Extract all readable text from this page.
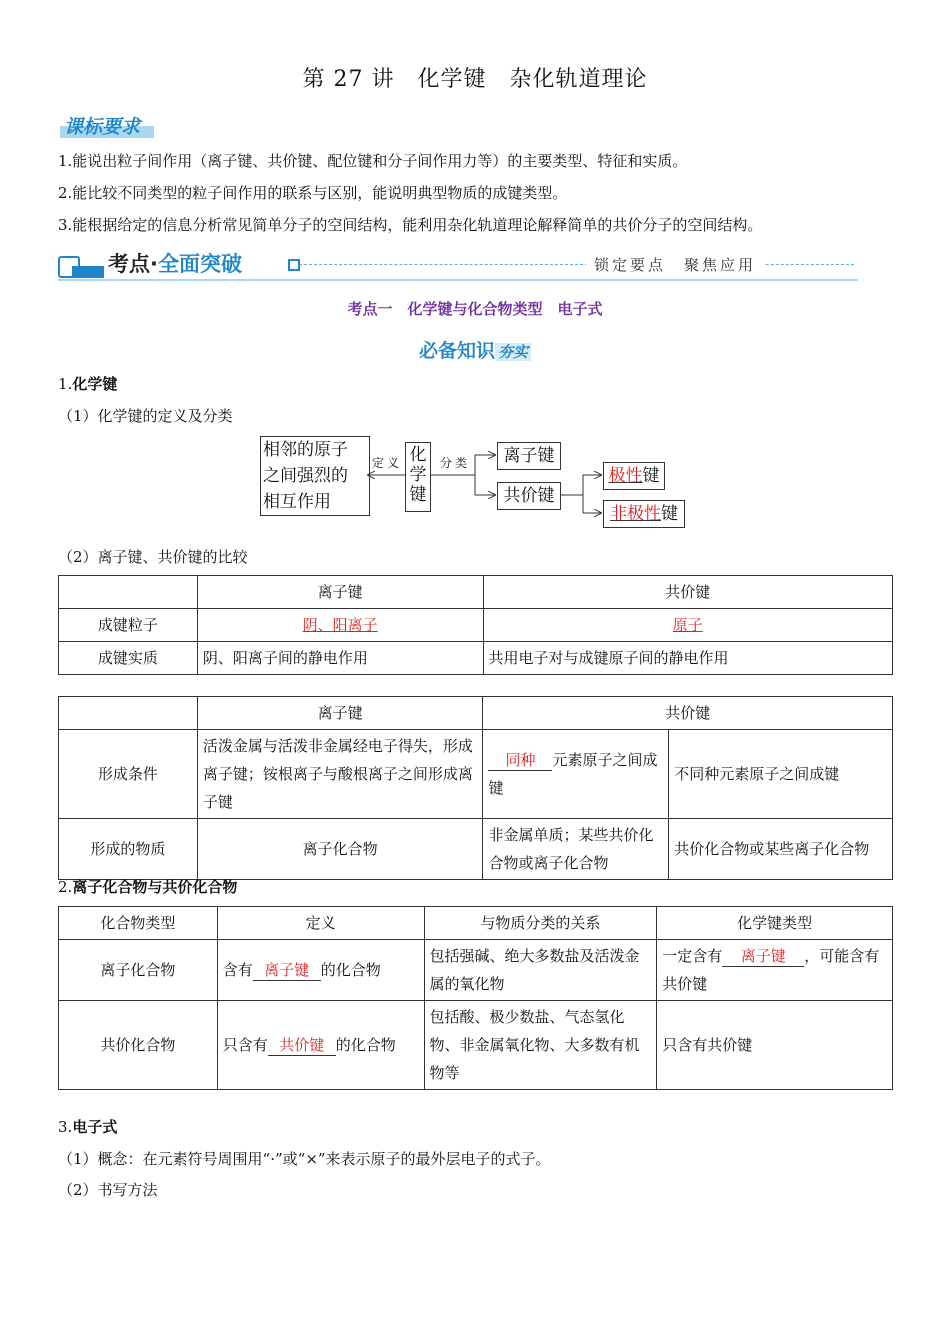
第 27 讲　化学键　杂化轨道理论
课标要求
1.能说出粒子间作用（离子键、共价键、配位键和分子间作用力等）的主要类型、特征和实质。
2.能比较不同类型的粒子间作用的联系与区别，能说明典型物质的成键类型。
3.能根据给定的信息分析常见简单分子的空间结构，能利用杂化轨道理论解释简单的共价分子的空间结构。
考点·全面突破	锁定要点　聚焦应用
考点一　化学键与化合物类型　电子式
必备知识 夯实
1.化学键
（1）化学键的定义及分类
相邻的原子
之间强烈的
相互作用
定义 化
学
键
分类	离子键
共价键
极性键
非极性键
（2）离子键、共价键的比较
	离子键	共价键
成键粒子	阴、阳离子	原子
成键实质	阴、阳离子间的静电作用	共用电子对与成键原子间的静电作用
	离子键	共价键	
形成条件	活泼金属与活泼非金属经电子得失，形成离子键；铵根离子与酸根离子之间形成离子键	同种 元素原子之间成键	不同种元素原子之间成键
形成的物质	离子化合物	非金属单质；某些共价化合物或离子化合物	共价化合物或某些离子化合物
2.离子化合物与共价化合物
化合物类型	定义	与物质分类的关系	化学键类型
离子化合物	含有 离子键 的化合物	包括强碱、绝大多数盐及活泼金属的氧化物	一定含有 离子键 ，可能含有共价键
共价化合物	只含有 共价键 的化合物	包括酸、极少数盐、气态氢化物、非金属氧化物、大多数有机物等	只含有共价键
3.电子式
（1）概念：在元素符号周围用“·”或“×”来表示原子的最外层电子的式子。
（2）书写方法
